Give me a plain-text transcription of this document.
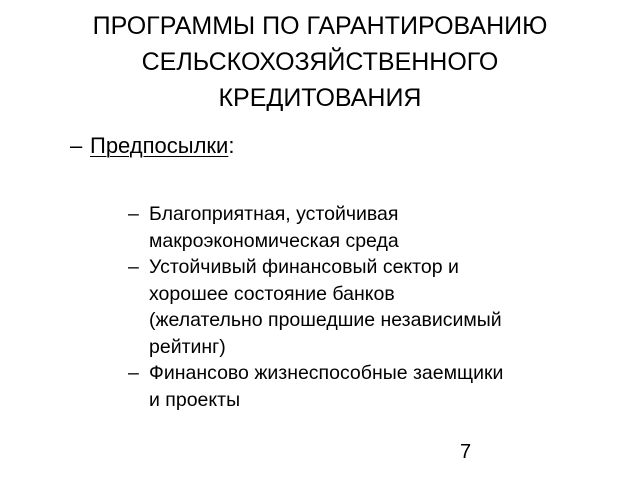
ПРОГРАММЫ ПО ГАРАНТИРОВАНИЮ
СЕЛЬСКОХОЗЯЙСТВЕННОГО
КРЕДИТОВАНИЯ
– Предпосылки:
– Благоприятная, устойчивая
макроэкономическая среда
– Устойчивый финансовый сектор и
хорошее состояние банков
(желательно прошедшие независимый
рейтинг)
– Финансово жизнеспособные заемщики
и проекты
7
